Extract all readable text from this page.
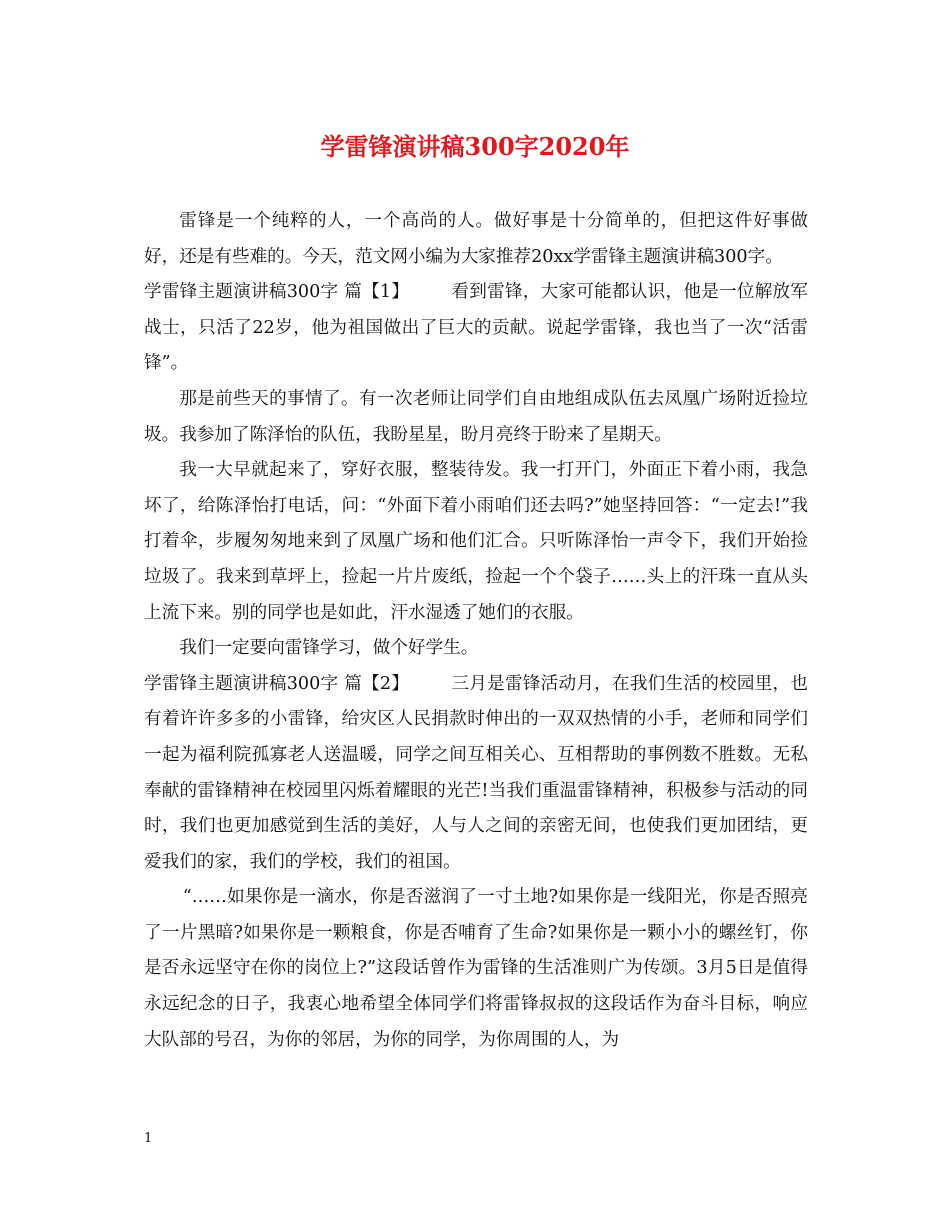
学雷锋演讲稿300字2020年

雷锋是一个纯粹的人，一个高尚的人。做好事是十分简单的，但把这件好事做好，还是有些难的。今天，范文网小编为大家推荐20xx学雷锋主题演讲稿300字。

学雷锋主题演讲稿300字 篇【1】 看到雷锋，大家可能都认识，他是一位解放军战士，只活了22岁，他为祖国做出了巨大的贡献。说起学雷锋，我也当了一次“活雷锋”。

那是前些天的事情了。有一次老师让同学们自由地组成队伍去凤凰广场附近捡垃圾。我参加了陈泽怡的队伍，我盼星星，盼月亮终于盼来了星期天。

我一大早就起来了，穿好衣服，整装待发。我一打开门，外面正下着小雨，我急坏了，给陈泽怡打电话，问：“外面下着小雨咱们还去吗?”她坚持回答：“一定去!”我打着伞，步履匆匆地来到了凤凰广场和他们汇合。只听陈泽怡一声令下，我们开始捡垃圾了。我来到草坪上，捡起一片片废纸，捡起一个个袋子……头上的汗珠一直从头上流下来。别的同学也是如此，汗水湿透了她们的衣服。

我们一定要向雷锋学习，做个好学生。

学雷锋主题演讲稿300字 篇【2】 三月是雷锋活动月，在我们生活的校园里，也有着许许多多的小雷锋，给灾区人民捐款时伸出的一双双热情的小手，老师和同学们一起为福利院孤寡老人送温暖，同学之间互相关心、互相帮助的事例数不胜数。无私奉献的雷锋精神在校园里闪烁着耀眼的光芒!当我们重温雷锋精神，积极参与活动的同时，我们也更加感觉到生活的美好，人与人之间的亲密无间，也使我们更加团结，更爱我们的家，我们的学校，我们的祖国。

“……如果你是一滴水，你是否滋润了一寸土地?如果你是一线阳光，你是否照亮了一片黑暗?如果你是一颗粮食，你是否哺育了生命?如果你是一颗小小的螺丝钉，你是否永远坚守在你的岗位上?”这段话曾作为雷锋的生活准则广为传颂。3月5日是值得永远纪念的日子，我衷心地希望全体同学们将雷锋叔叔的这段话作为奋斗目标，响应大队部的号召，为你的邻居，为你的同学，为你周围的人，为

1
